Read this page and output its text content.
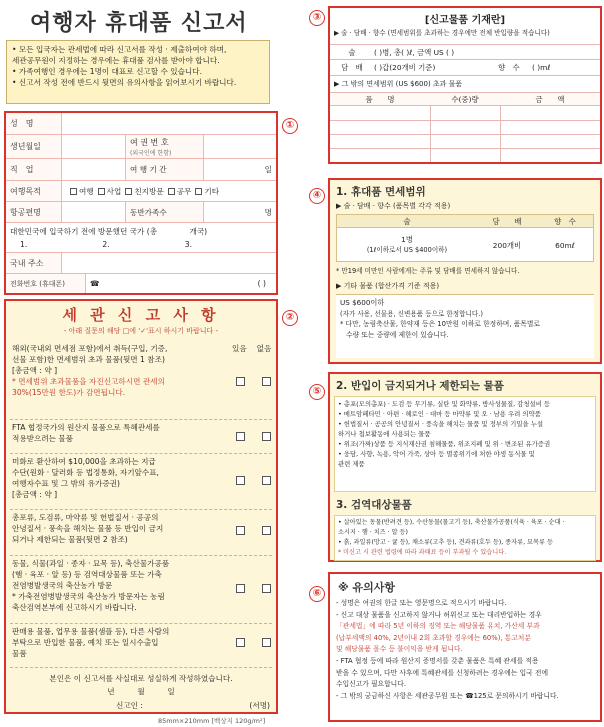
여행자 휴대품 신고서
• 모든 입국자는 관세법에 따라 신고서를 작성 · 제출하여야 하며,
세관공무원이 지정하는 경우에는 휴대품 검사를 받아야 합니다.
• 가족여행인 경우에는 1명이 대표로 신고할 수 있습니다.
• 신고서 작성 전에 반드시 뒷면의 유의사항을 읽어보시기 바랍니다.
성　명
생년월일	여 권 번 호
(외국인에 한함)
직　업	여 행 기 간	일
여행목적	여행 사업 친지방문 공무 기타
항공편명	동반가족수	명
대한민국에 입국하기 전에 방문했던 국가 (총	개국)
1.	2.	3.
국내 주소
전화번호 (휴대폰)	☎	( )
①
세 관 신 고 사 항
- 아래 질문의 해당 □에 '✓'표시 하시기 바랍니다 -
있음 없음
해외(국내외 면세점 포함)에서 취득(구입, 기증,
선물 포함)한 면세범위 초과 물품(뒷면 1 참조)
[총금액 : 약 ]
* 면세범위 초과물품을 자진신고하시면 관세의
30%(15만원 한도)가 감면됩니다.
FTA 협정국가의 원산지 물품으로 특혜관세를
적용받으려는 물품
미화로 환산하여 $10,000을 초과하는 지급
수단(원화 · 달러화 등 법정통화, 자기앞수표,
여행자수표 및 그 밖의 유가증권)
[총금액 : 약 ]
총포류, 도검류, 마약류 및 헌법질서 · 공공의
안녕질서 · 풍속을 해치는 물품 등 반입이 금지
되거나 제한되는 물품(뒷면 2 참조)
동물, 식물(과일 · 종자 · 묘목 등), 축산물가공품
(햄 · 육포 · 알 등) 등 검역대상물품 또는 가축
전염병발생국의 축산농가 방문
* 가축전염병발생국의 축산농가 방문자는 농림
축산검역본부에 신고하시기 바랍니다.
판매용 물품, 업무용 물품(샘플 등), 다른 사람의
부탁으로 반입한 물품, 예치 또는 일시수출입
물품
본인은 이 신고서를 사실대로 성실하게 작성하였습니다.
년　　　월　　　일
신고인 :	(서명)
②
85mm×210mm [백상지 120g/m²]
③	[신고물품 기재란]
▶ 술 · 담배 · 향수 (면세범위를 초과하는 경우에만 전체 반입량을 적습니다)
술	( )병, 총( )ℓ, 금액 US ( )
담　배	( )갑(20개비 기준)	향　수	( )mℓ
▶ 그 밖의 면세범위 (US $600) 초과 물품
품　　명	수(중)량	금　　액
④	1. 휴대품 면세범위
▶ 술 · 담배 · 향수 (품목별 각각 적용)
술	담　　배	향　수
1병
(1ℓ이하로서 US $400이하)
200개비	60mℓ
* 만19세 미만인 사람에게는 주류 및 담배를 면세하지 않습니다.
▶ 기타 물품 (합산가격 기준 적용)
US $600이하
(자가 사용, 선물용, 신변용품 등으로 한정합니다.)
* 다만, 농림축산물, 한약재 등은 10만원 이하로 한정하며, 품목별로
수량 또는 중량에 제한이 있습니다.
⑤	2. 반입이 금지되거나 제한되는 물품
• 총포(모의총포) · 도검 등 무기류, 실탄 및 화약류, 방사성물질, 감청설비 등
• 메트암페타민 · 아편 · 헤로인 · 대마 등 마약류 및 오 · 남용 우려 의약품
• 헌법질서 · 공공의 안녕질서 · 풍속을 해치는 물품 및 정부의 기밀을 누설
하거나 첩보활동에 사용되는 물품
• 위조(가짜)상품 등 지식재산권 침해물품, 위조지폐 및 위 · 변조된 유가증권
• 웅담, 사향, 녹용, 악어 가죽, 상아 등 멸종위기에 처한 야생 동식물 및
관련 제품
3. 검역대상물품
• 살아있는 동물(반려견 등), 수산동물(물고기 등), 축산물가공품(식육 · 육포 · 순대 ·
소시지 · 햄 · 치즈 · 알 등)
• 흙, 과일류(망고 · 귤 등), 채소류(고추 등), 견과류(호두 등), 종자류, 묘목류 등
* 미신고 시 관련 법령에 따라 과태료 등이 부과될 수 있습니다.
⑥	※ 유의사항
- 성명은 여권의 한글 또는 영문명으로 적으시기 바랍니다.
- 신고 대상 물품을 신고하지 않거나 허위신고 또는 대리반입하는 경우
「관세법」에 따라 5년 이하의 징역 또는 해당물품 유치, 가산세 부과
(납부세액의 40%, 2년이내 2회 초과할 경우에는 60%), 통고처분
및 해당물품 몰수 등 불이익을 받게 됩니다.
- FTA 협정 등에 따라 원산지 증명서를 갖춘 물품은 특혜 관세를 적용
받을 수 있으며, 다만 사후에 특혜관세를 신청하려는 경우에는 입국 전에
수입신고가 필요합니다.
- 그 밖의 궁금하신 사항은 세관공무원 또는 ☎125로 문의하시기 바랍니다.
